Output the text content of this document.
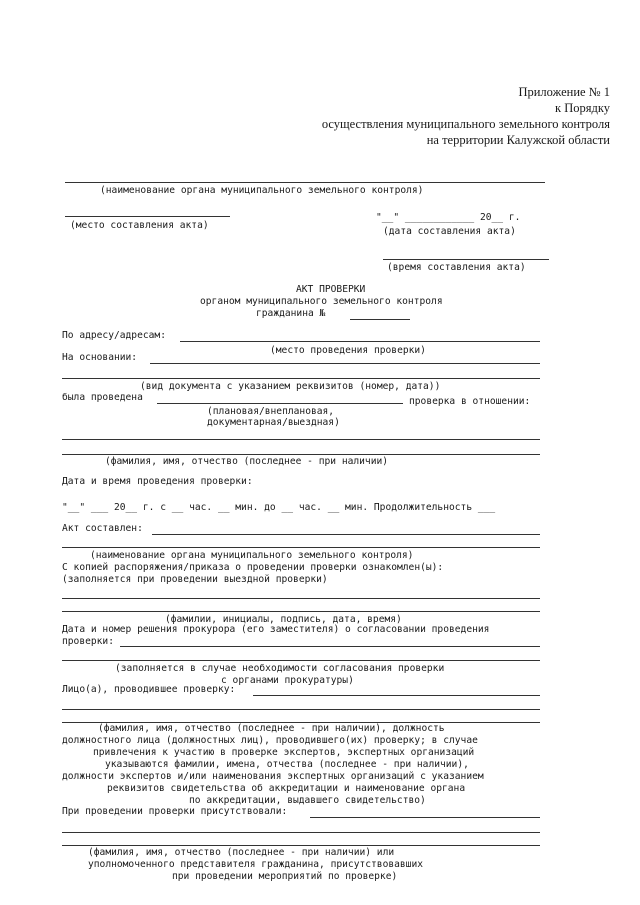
Приложение № 1
к Порядку
осуществления муниципального земельного контроля
на территории Калужской области
(наименование органа муниципального земельного контроля)
(место составления акта)
"__" ____________ 20__ г.
(дата составления акта)
(время составления акта)
АКТ ПРОВЕРКИ
органом муниципального земельного контроля
гражданина №
По адресу/адресам:
(место проведения проверки)
На основании:
(вид документа с указанием реквизитов (номер, дата))
была проведена	проверка в отношении:
(плановая/внеплановая,
документарная/выездная)
(фамилия, имя, отчество (последнее - при наличии)
Дата и время проведения проверки:
"__" ___ 20__ г. с __ час. __ мин. до __ час. __ мин. Продолжительность ___
Акт составлен:
(наименование органа муниципального земельного контроля)
С копией распоряжения/приказа о проведении проверки ознакомлен(ы):
(заполняется при проведении выездной проверки)
(фамилии, инициалы, подпись, дата, время)
Дата и номер решения прокурора (его заместителя) о согласовании проведения
проверки:
(заполняется в случае необходимости согласования проверки
с органами прокуратуры)
Лицо(а), проводившее проверку:
(фамилия, имя, отчество (последнее - при наличии), должность
должностного лица (должностных лиц), проводившего(их) проверку; в случае
привлечения к участию в проверке экспертов, экспертных организаций
указываются фамилии, имена, отчества (последнее - при наличии),
должности экспертов и/или наименования экспертных организаций с указанием
реквизитов свидетельства об аккредитации и наименование органа
по аккредитации, выдавшего свидетельство)
При проведении проверки присутствовали:
(фамилия, имя, отчество (последнее - при наличии) или
уполномоченного представителя гражданина, присутствовавших
при проведении мероприятий по проверке)
